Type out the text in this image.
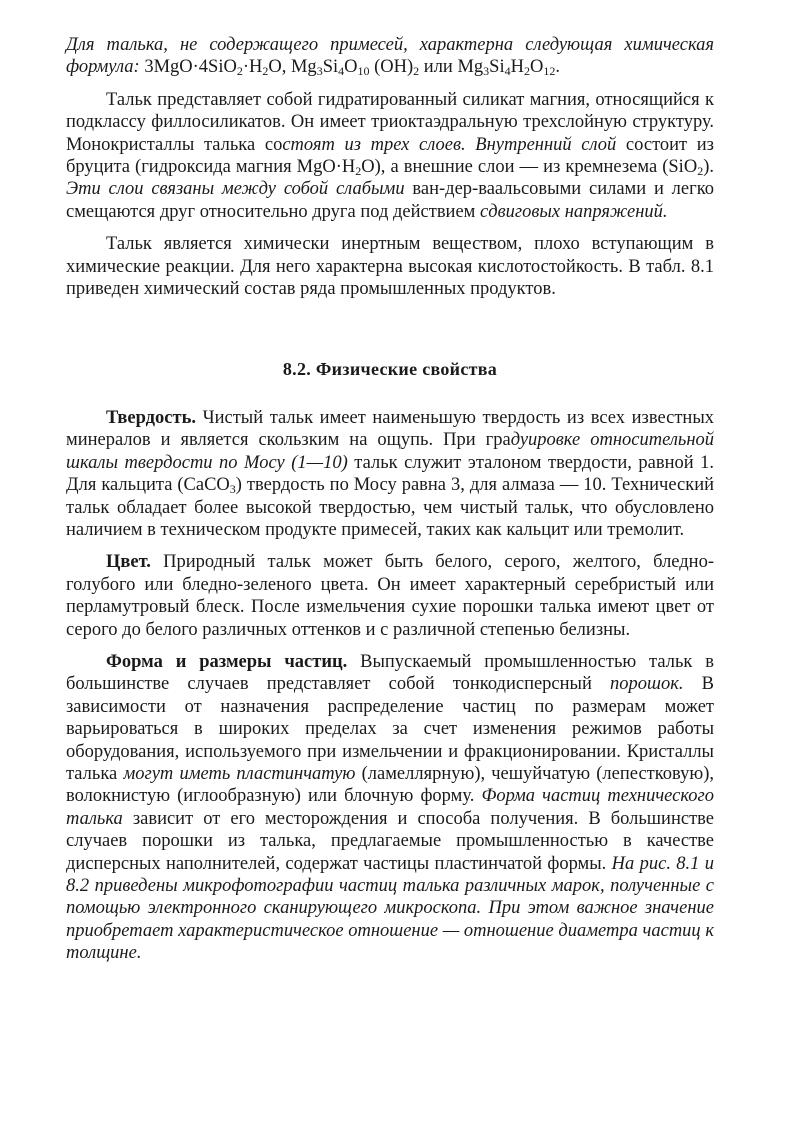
Для талька, не содержащего примесей, характерна следующая химическая формула: $3MgO\cdot 4SiO_2\cdot H_2O$, $Mg_3Si_4O_{10}$ $(OH)_2$ или $Mg_3Si_4H_2O_{12}$.

Тальк представляет собой гидратированный силикат магния, относящийся к подклассу филлосиликатов. Он имеет триоктаэдральную трехслойную структуру. Монокристаллы талька состоят из трех слоев. Внутренний слой состоит из бруцита (гидроксида магния $MgO\cdot H_2O$), а внешние слои — из кремнезема (SiO$_2$). Эти слои связаны между собой слабыми ван-дер-ваальсовыми силами и легко смещаются друг относительно друга под действием сдвиговых напряжений.

Тальк является химически инертным веществом, плохо вступающим в химические реакции. Для него характерна высокая кислотостойкость. В табл. 8.1 приведен химический состав ряда промышленных продуктов.

8.2. Физические свойства

Твердость. Чистый тальк имеет наименьшую твердость из всех известных минералов и является скользким на ощупь. При градуировке относительной шкалы твердости по Мосу (1—10) тальк служит эталоном твердости, равной 1. Для кальцита (CaCO$_3$) твердость по Мосу равна 3, для алмаза — 10. Технический тальк обладает более высокой твердостью, чем чистый тальк, что обусловлено наличием в техническом продукте примесей, таких как кальцит или тремолит.

Цвет. Природный тальк может быть белого, серого, желтого, бледно-голубого или бледно-зеленого цвета. Он имеет характерный серебристый или перламутровый блеск. После измельчения сухие порошки талька имеют цвет от серого до белого различных оттенков и с различной степенью белизны.

Форма и размеры частиц. Выпускаемый промышленностью тальк в большинстве случаев представляет собой тонкодисперсный порошок. В зависимости от назначения распределение частиц по размерам может варьироваться в широких пределах за счет изменения режимов работы оборудования, используемого при измельчении и фракционировании. Кристаллы талька могут иметь пластинчатую (ламеллярную), чешуйчатую (лепестковую), волокнистую (иглообразную) или блочную форму. Форма частиц технического талька зависит от его месторождения и способа получения. В большинстве случаев порошки из талька, предлагаемые промышленностью в качестве дисперсных наполнителей, содержат частицы пластинчатой формы. На рис. 8.1 и 8.2 приведены микрофотографии частиц талька различных марок, полученные с помощью электронного сканирующего микроскопа. При этом важное значение приобретает характеристическое отношение — отношение диаметра частиц к толщине.
